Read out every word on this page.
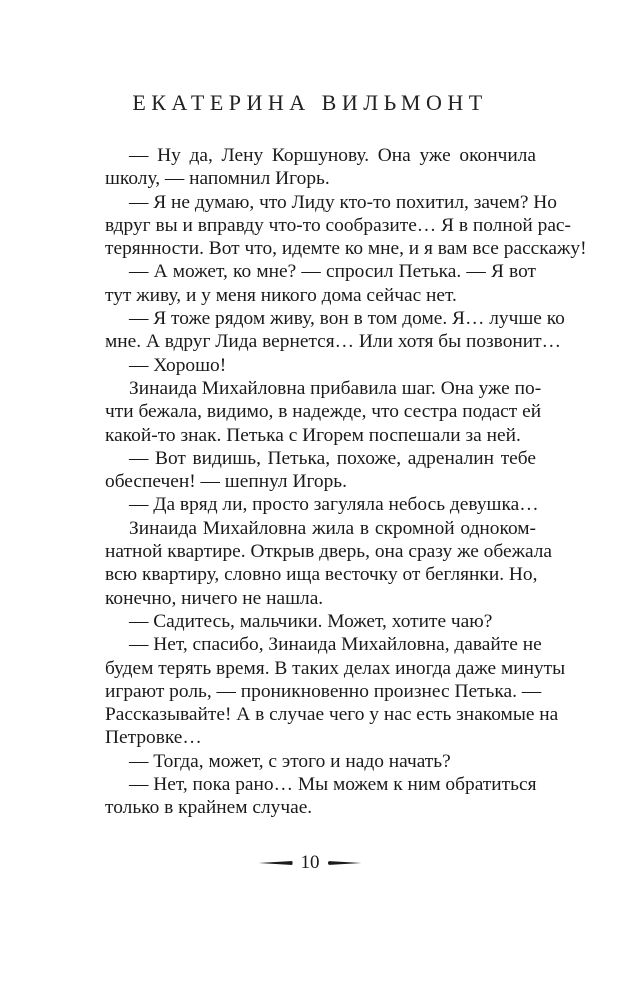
ЕКАТЕРИНА ВИЛЬМОНТ
— Ну да, Лену Коршунову. Она уже окончила
школу, — напомнил Игорь.
— Я не думаю, что Лиду кто-то похитил, зачем? Но
вдруг вы и вправду что-то сообразите… Я в полной рас-
терянности. Вот что, идемте ко мне, и я вам все расскажу!
— А может, ко мне? — спросил Петька. — Я вот
тут живу, и у меня никого дома сейчас нет.
— Я тоже рядом живу, вон в том доме. Я… лучше ко
мне. А вдруг Лида вернется… Или хотя бы позвонит…
— Хорошо!
Зинаида Михайловна прибавила шаг. Она уже по-
чти бежала, видимо, в надежде, что сестра подаст ей
какой-то знак. Петька с Игорем поспешали за ней.
— Вот видишь, Петька, похоже, адреналин тебе
обеспечен! — шепнул Игорь.
— Да вряд ли, просто загуляла небось девушка…
Зинаида Михайловна жила в скромной одноком-
натной квартире. Открыв дверь, она сразу же обежала
всю квартиру, словно ища весточку от беглянки. Но,
конечно, ничего не нашла.
— Садитесь, мальчики. Может, хотите чаю?
— Нет, спасибо, Зинаида Михайловна, давайте не
будем терять время. В таких делах иногда даже минуты
играют роль, — проникновенно произнес Петька. —
Рассказывайте! А в случае чего у нас есть знакомые на
Петровке…
— Тогда, может, с этого и надо начать?
— Нет, пока рано… Мы можем к ним обратиться
только в крайнем случае.
10
